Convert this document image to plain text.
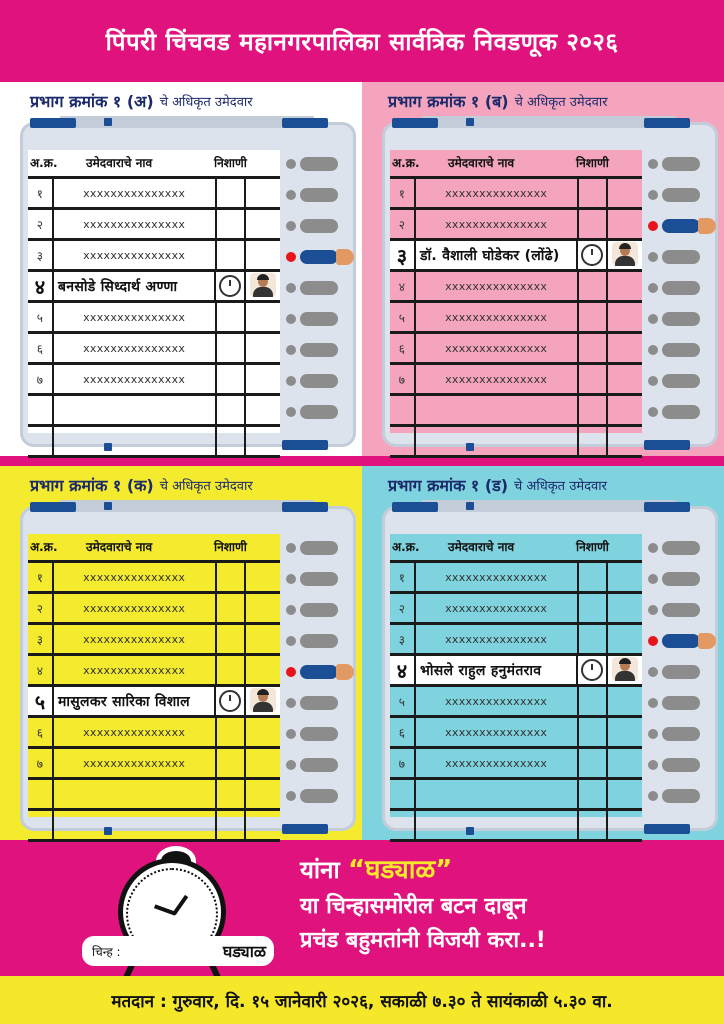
पिंपरी चिंचवड महानगरपालिका सार्वत्रिक निवडणूक २०२६
प्रभाग क्रमांक १ (अ) चे अधिकृत उमेदवार
अ.क्र. उमेदवाराचे नाव	निशाणी
१	xxxxxxxxxxxxxxx
२	xxxxxxxxxxxxxxx
३	xxxxxxxxxxxxxxx
४ बनसोडे सिध्दार्थ अण्णा
५	xxxxxxxxxxxxxxx
६	xxxxxxxxxxxxxxx
७	xxxxxxxxxxxxxxx
प्रभाग क्रमांक १ (ब) चे अधिकृत उमेदवार
अ.क्र. उमेदवाराचे नाव	निशाणी
१	xxxxxxxxxxxxxxx
२	xxxxxxxxxxxxxxx
३ डॉ. वैशाली घोडेकर (लोंढे)
४	xxxxxxxxxxxxxxx
५	xxxxxxxxxxxxxxx
६	xxxxxxxxxxxxxxx
७	xxxxxxxxxxxxxxx
प्रभाग क्रमांक १ (क) चे अधिकृत उमेदवार
अ.क्र. उमेदवाराचे नाव	निशाणी
१	xxxxxxxxxxxxxxx
२	xxxxxxxxxxxxxxx
३	xxxxxxxxxxxxxxx
४	xxxxxxxxxxxxxxx
५ मासुलकर सारिका विशाल
६	xxxxxxxxxxxxxxx
७	xxxxxxxxxxxxxxx
प्रभाग क्रमांक १ (ड) चे अधिकृत उमेदवार
अ.क्र. उमेदवाराचे नाव	निशाणी
१	xxxxxxxxxxxxxxx
२	xxxxxxxxxxxxxxx
३	xxxxxxxxxxxxxxx
४ भोसले राहुल हनुमंतराव
५	xxxxxxxxxxxxxxx
६	xxxxxxxxxxxxxxx
७	xxxxxxxxxxxxxxx
चिन्ह :	घड्याळ
यांना “घड्याळ”
या चिन्हासमोरील बटन दाबून
प्रचंड बहुमतांनी विजयी करा..!
मतदान : गुरुवार, दि. १५ जानेवारी २०२६, सकाळी ७.३० ते सायंकाळी ५.३० वा.
